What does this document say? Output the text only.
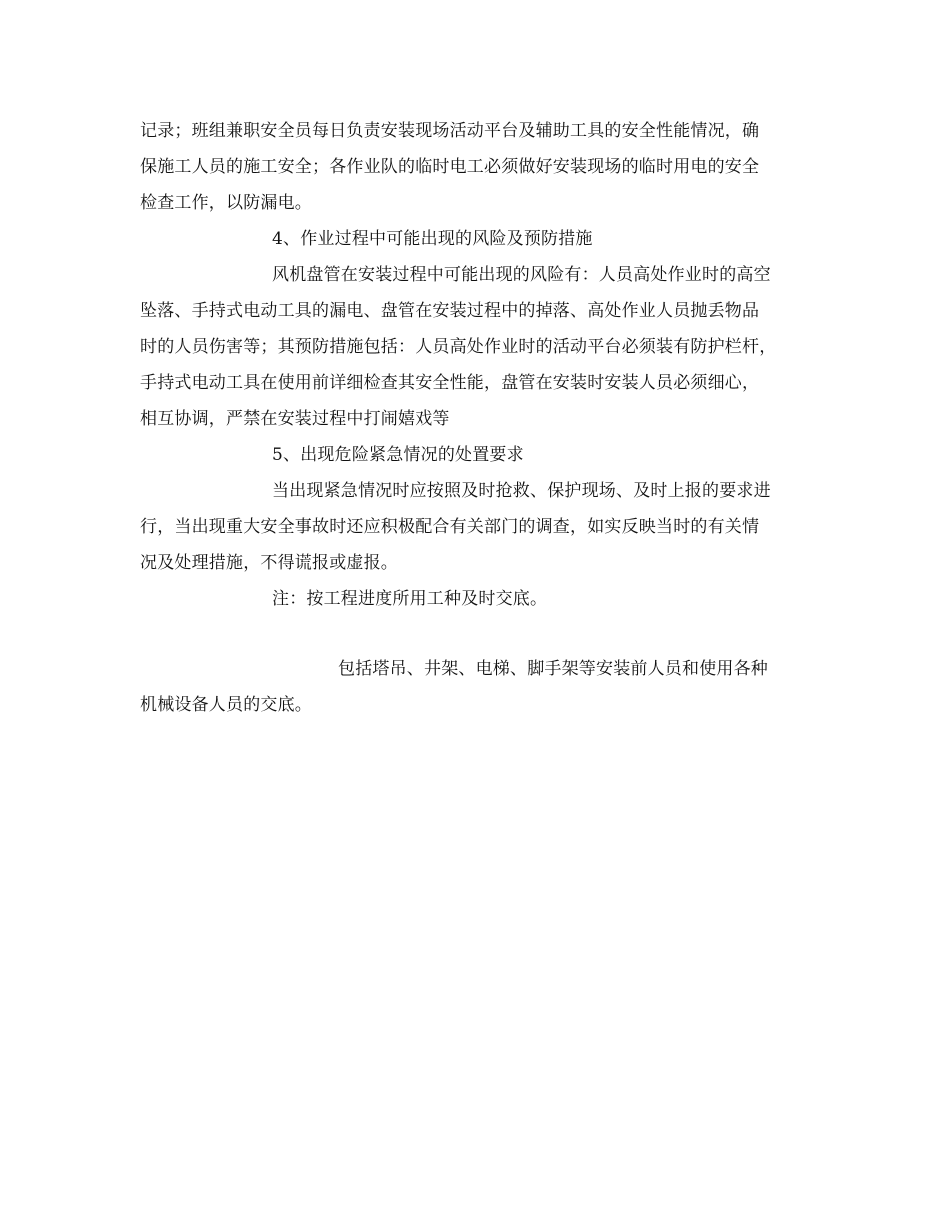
记录；班组兼职安全员每日负责安装现场活动平台及辅助工具的安全性能情况，确
保施工人员的施工安全；各作业队的临时电工必须做好安装现场的临时用电的安全
检查工作，以防漏电。
4、作业过程中可能出现的风险及预防措施
风机盘管在安装过程中可能出现的风险有：人员高处作业时的高空
坠落、手持式电动工具的漏电、盘管在安装过程中的掉落、高处作业人员抛丢物品
时的人员伤害等；其预防措施包括：人员高处作业时的活动平台必须装有防护栏杆，
手持式电动工具在使用前详细检查其安全性能，盘管在安装时安装人员必须细心，
相互协调，严禁在安装过程中打闹嬉戏等
5、出现危险紧急情况的处置要求
当出现紧急情况时应按照及时抢救、保护现场、及时上报的要求进
行，当出现重大安全事故时还应积极配合有关部门的调查，如实反映当时的有关情
况及处理措施，不得谎报或虚报。
注：按工程进度所用工种及时交底。
包括塔吊、井架、电梯、脚手架等安装前人员和使用各种
机械设备人员的交底。
